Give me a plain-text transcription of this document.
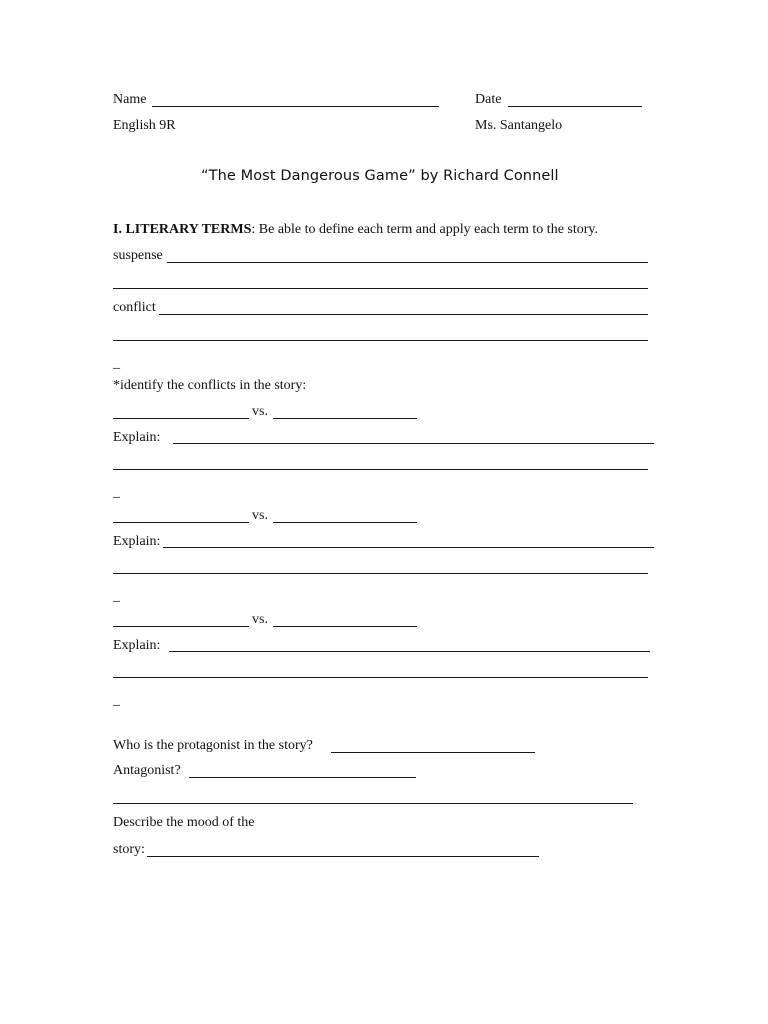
Name	Date
English 9R	Ms. Santangelo
“The Most Dangerous Game” by Richard Connell
I. LITERARY TERMS: Be able to define each term and apply each term to the story.
suspense
conflict
_
*identify the conflicts in the story:
vs.
Explain:
_
vs.
Explain:
_
vs.
Explain:
_
Who is the protagonist in the story?
Antagonist?
Describe the mood of the
story:
